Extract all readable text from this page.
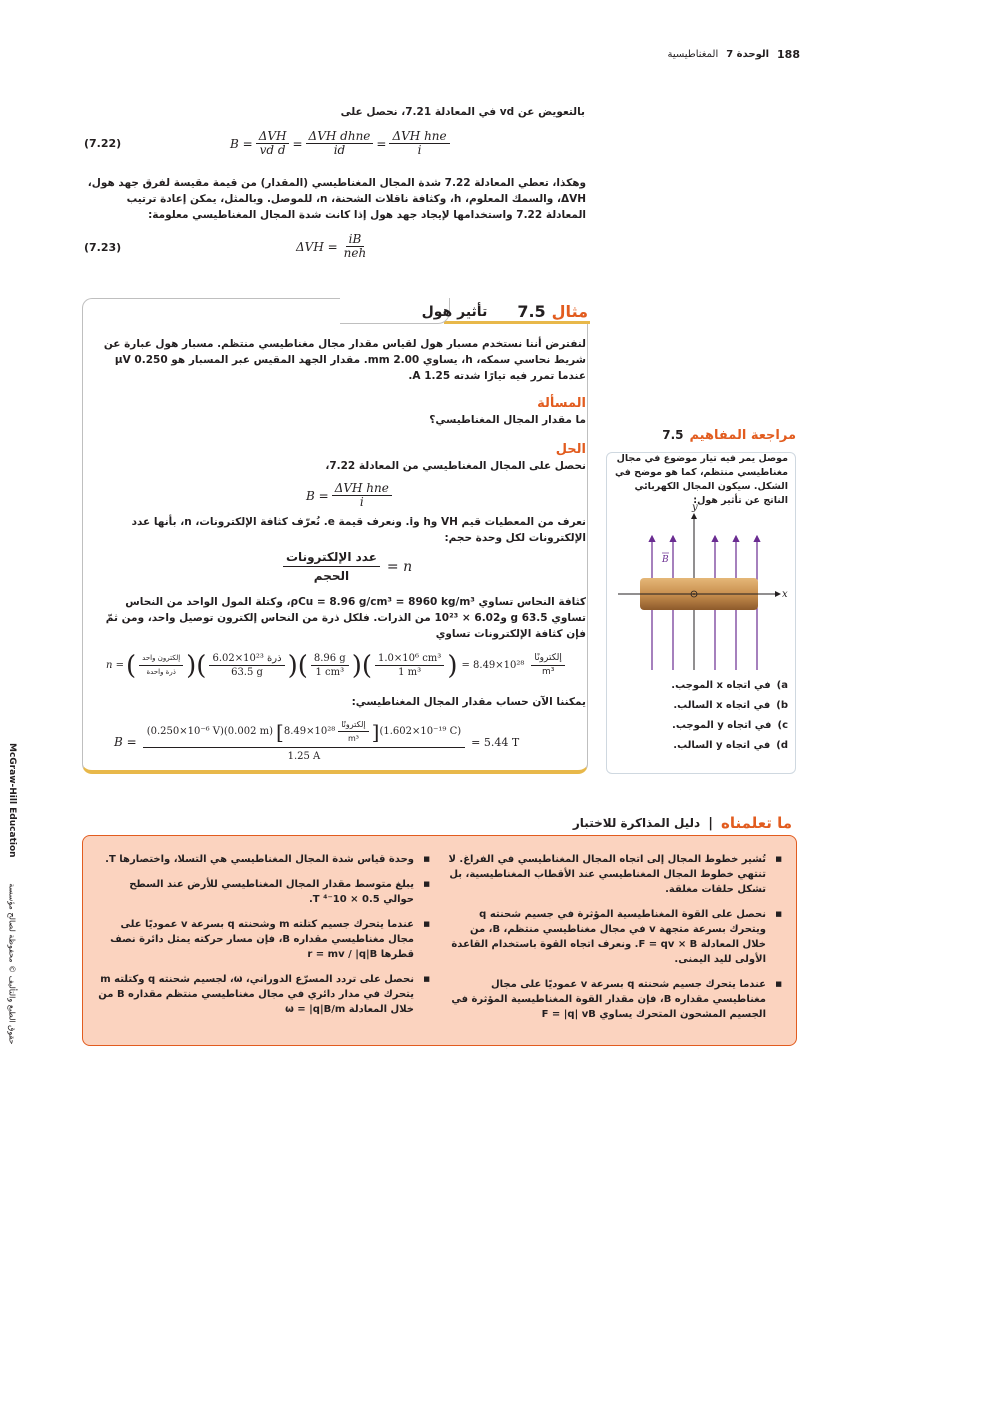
188
الوحدة 7
المغناطيسية
McGraw-Hill Education
حقوق الطبع والتأليف © محفوظة لصالح مؤسسة
بالتعويض عن vd في المعادلة 7.21، نحصل على
(7.22)	$B = \frac{\text{ΔVH}}{\text{vd d}} = \frac{\text{ΔVH dhne}}{id} = \frac{\text{ΔVH hne}}{i}$
وهكذا، تعطي المعادلة 7.22 شدة المجال المغناطيسي (المقدار) من قيمة مقيسة لفرق جهد هول، ΔVH، والسمك المعلوم، h، وكثافة ناقلات الشحنة، n، للموصل. وبالمثل، يمكن إعادة ترتيب المعادلة 7.22 واستخدامها لإيجاد جهد هول إذا كانت شدة المجال المغناطيسي معلومة:
(7.23)	$\Delta VH = \frac{iB}{\text{neh}}$
مثال
7.5
تأثير هول
لنفترض أننا نستخدم مسبار هول لقياس مقدار مجال مغناطيسي منتظم. مسبار هول عبارة عن شريط نحاسي سمكه، h، يساوي 2.00 mm. مقدار الجهد المقيس عبر المسبار هو 0.250 μV عندما تمرر فيه تيارًا شدته 1.25 A.
المسألة
ما مقدار المجال المغناطيسي؟
الحل
نحصل على المجال المغناطيسي من المعادلة 7.22،
$B = \frac{\text{ΔVH hne}}{i}$
نعرف من المعطيات قيم VH وh وi. ونعرف قيمة e. نُعرّف كثافة الإلكترونات، n، بأنها عدد الإلكترونات لكل وحدة حجم:
$\frac{\text{عدد الإلكترونات}}{\text{الحجم}} = n$
كثافة النحاس تساوي ρCu = 8.96 g/cm³ = 8960 kg/m³، وكتلة المول الواحد من النحاس تساوي 63.5 g و6.02 × 10²³ من الذرات. فلكل ذرة من النحاس إلكترون توصيل واحد، ومن ثمّ فإن كثافة الإلكترونات تساوي
n = ( $\frac{\text{إلكترون واحد}}{\text{ذرة واحدة}}$ )( $\frac{\text{6.02×10²³ ذرة}}{63.5 g}$ )( $\frac{8.96 g}{\text{1 cm³}}$ )( $\frac{\text{1.0×10⁶ cm³}}{\text{1 m³}}$ ) = $8.49\times 10^{28} \frac{\text{إلكترونًا}}{\text{m³}}$
يمكننا الآن حساب مقدار المجال المغناطيسي:
B =
(0.250×10⁻⁶ V)(0.002 m) [ $8.49\times 10^{28} \frac{\text{إلكترونًا}}{\text{m³}}$ ] (1.602×10⁻¹⁹ C)
1.25 A
= 5.44 T
مراجعة المفاهيم
7.5
موصل يمر فيه تيار موضوع في مجال مغناطيسي منتظم، كما هو موضح في الشكل. سيكون المجال الكهربائي الناتج عن تأثير هول:
B
y
x
a)
في اتجاه x الموجب.
b)
في اتجاه x السالب.
c)
في اتجاه y الموجب.
d)
في اتجاه y السالب.
ما تعلمناه
|
دليل المذاكرة للاختبار
■ تُشير خطوط المجال إلى اتجاه المجال المغناطيسي في الفراغ. لا تنتهي خطوط المجال المغناطيسي عند الأقطاب المغناطيسية، بل تشكل حلقات مغلقة.
■ نحصل على القوة المغناطيسية المؤثرة في جسيم شحنته q ويتحرك بسرعة متجهة v في مجال مغناطيسي منتظم، B، من خلال المعادلة F = qv × B. ونعرف اتجاه القوة باستخدام القاعدة الأولى لليد اليمنى.
■ عندما يتحرك جسيم شحنته q بسرعة v عموديًا على مجال مغناطيسي مقداره B، فإن مقدار القوة المغناطيسية المؤثرة في الجسيم المشحون المتحرك يساوي F = |q| vB
■ وحدة قياس شدة المجال المغناطيسي هي التسلا، واختصارها T.
■ يبلغ متوسط مقدار المجال المغناطيسي للأرض عند السطح حوالي 0.5 × 10⁻⁴ T.
■ عندما يتحرك جسيم كتلته m وشحنته q بسرعة v عموديًا على مجال مغناطيسي مقداره B، فإن مسار حركته يمثل دائرة نصف قطرها r = mv / |q|B
■ نحصل على تردد المسرّع الدوراني، ω، لجسيم شحنته q وكتلته m يتحرك في مدار دائري في مجال مغناطيسي منتظم مقداره B من خلال المعادلة ω = |q|B/m
